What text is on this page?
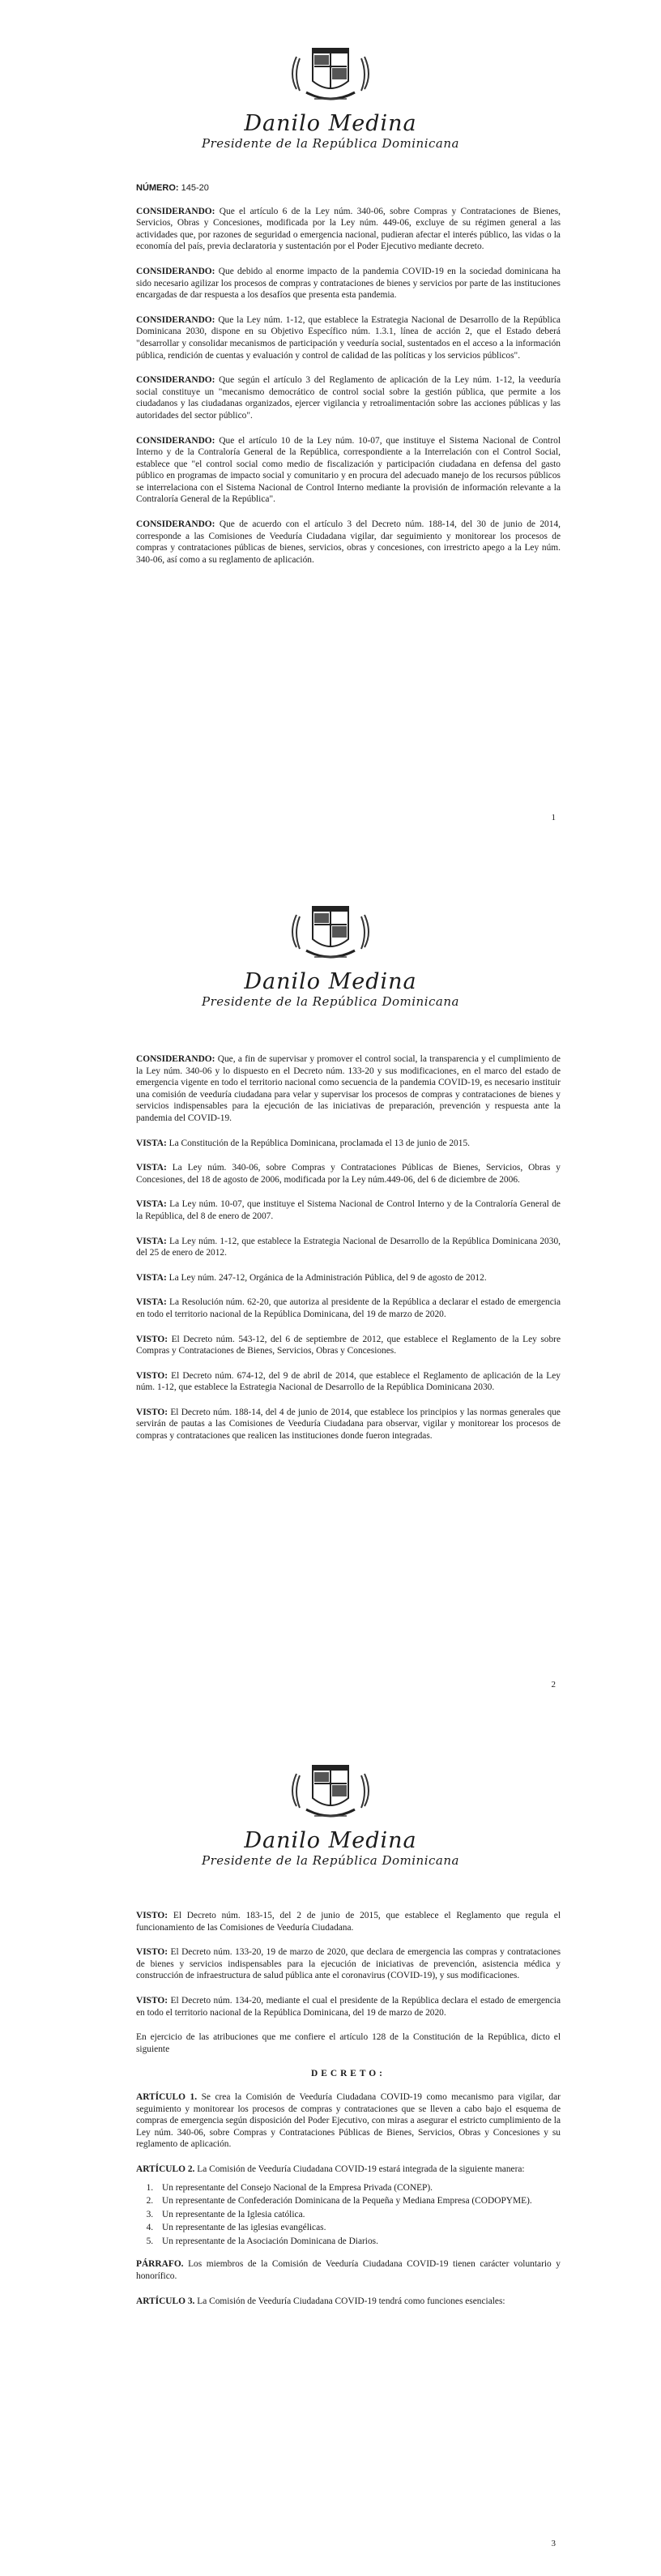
Danilo Medina
Presidente de la República Dominicana
NÚMERO: 145-20

CONSIDERANDO: Que el artículo 6 de la Ley núm. 340-06, sobre Compras y Contrataciones de Bienes, Servicios, Obras y Concesiones, modificada por la Ley núm. 449-06, excluye de su régimen general a las actividades que, por razones de seguridad o emergencia nacional, pudieran afectar el interés público, las vidas o la economía del país, previa declaratoria y sustentación por el Poder Ejecutivo mediante decreto.

CONSIDERANDO: Que debido al enorme impacto de la pandemia COVID-19 en la sociedad dominicana ha sido necesario agilizar los procesos de compras y contrataciones de bienes y servicios por parte de las instituciones encargadas de dar respuesta a los desafíos que presenta esta pandemia.

CONSIDERANDO: Que la Ley núm. 1-12, que establece la Estrategia Nacional de Desarrollo de la República Dominicana 2030, dispone en su Objetivo Específico núm. 1.3.1, línea de acción 2, que el Estado deberá "desarrollar y consolidar mecanismos de participación y veeduría social, sustentados en el acceso a la información pública, rendición de cuentas y evaluación y control de calidad de las políticas y los servicios públicos".

CONSIDERANDO: Que según el artículo 3 del Reglamento de aplicación de la Ley núm. 1-12, la veeduría social constituye un "mecanismo democrático de control social sobre la gestión pública, que permite a los ciudadanos y las ciudadanas organizados, ejercer vigilancia y retroalimentación sobre las acciones públicas y las autoridades del sector público".

CONSIDERANDO: Que el artículo 10 de la Ley núm. 10-07, que instituye el Sistema Nacional de Control Interno y de la Contraloría General de la República, correspondiente a la Interrelación con el Control Social, establece que "el control social como medio de fiscalización y participación ciudadana en defensa del gasto público en programas de impacto social y comunitario y en procura del adecuado manejo de los recursos públicos se interrelaciona con el Sistema Nacional de Control Interno mediante la provisión de información relevante a la Contraloría General de la República".

CONSIDERANDO: Que de acuerdo con el artículo 3 del Decreto núm. 188-14, del 30 de junio de 2014, corresponde a las Comisiones de Veeduría Ciudadana vigilar, dar seguimiento y monitorear los procesos de compras y contrataciones públicas de bienes, servicios, obras y concesiones, con irrestricto apego a la Ley núm. 340-06, así como a su reglamento de aplicación.

1
Danilo Medina
Presidente de la República Dominicana

CONSIDERANDO: Que, a fin de supervisar y promover el control social, la transparencia y el cumplimiento de la Ley núm. 340-06 y lo dispuesto en el Decreto núm. 133-20 y sus modificaciones, en el marco del estado de emergencia vigente en todo el territorio nacional como secuencia de la pandemia COVID-19, es necesario instituir una comisión de veeduría ciudadana para velar y supervisar los procesos de compras y contrataciones de bienes y servicios indispensables para la ejecución de las iniciativas de preparación, prevención y respuesta ante la pandemia del COVID-19.

VISTA: La Constitución de la República Dominicana, proclamada el 13 de junio de 2015.

VISTA: La Ley núm. 340-06, sobre Compras y Contrataciones Públicas de Bienes, Servicios, Obras y Concesiones, del 18 de agosto de 2006, modificada por la Ley núm.449-06, del 6 de diciembre de 2006.

VISTA: La Ley núm. 10-07, que instituye el Sistema Nacional de Control Interno y de la Contraloría General de la República, del 8 de enero de 2007.

VISTA: La Ley núm. 1-12, que establece la Estrategia Nacional de Desarrollo de la República Dominicana 2030, del 25 de enero de 2012.

VISTA: La Ley núm. 247-12, Orgánica de la Administración Pública, del 9 de agosto de 2012.

VISTA: La Resolución núm. 62-20, que autoriza al presidente de la República a declarar el estado de emergencia en todo el territorio nacional de la República Dominicana, del 19 de marzo de 2020.

VISTO: El Decreto núm. 543-12, del 6 de septiembre de 2012, que establece el Reglamento de la Ley sobre Compras y Contrataciones de Bienes, Servicios, Obras y Concesiones.

VISTO: El Decreto núm. 674-12, del 9 de abril de 2014, que establece el Reglamento de aplicación de la Ley núm. 1-12, que establece la Estrategia Nacional de Desarrollo de la República Dominicana 2030.

VISTO: El Decreto núm. 188-14, del 4 de junio de 2014, que establece los principios y las normas generales que servirán de pautas a las Comisiones de Veeduría Ciudadana para observar, vigilar y monitorear los procesos de compras y contrataciones que realicen las instituciones donde fueron integradas.

2
Danilo Medina
Presidente de la República Dominicana

VISTO: El Decreto núm. 183-15, del 2 de junio de 2015, que establece el Reglamento que regula el funcionamiento de las Comisiones de Veeduría Ciudadana.

VISTO: El Decreto núm. 133-20, 19 de marzo de 2020, que declara de emergencia las compras y contrataciones de bienes y servicios indispensables para la ejecución de iniciativas de prevención, asistencia médica y construcción de infraestructura de salud pública ante el coronavirus (COVID-19), y sus modificaciones.

VISTO: El Decreto núm. 134-20, mediante el cual el presidente de la República declara el estado de emergencia en todo el territorio nacional de la República Dominicana, del 19 de marzo de 2020.

En ejercicio de las atribuciones que me confiere el artículo 128 de la Constitución de la República, dicto el siguiente

DECRETO:

ARTÍCULO 1. Se crea la Comisión de Veeduría Ciudadana COVID-19 como mecanismo para vigilar, dar seguimiento y monitorear los procesos de compras y contrataciones que se lleven a cabo bajo el esquema de compras de emergencia según disposición del Poder Ejecutivo, con miras a asegurar el estricto cumplimiento de la Ley núm. 340-06, sobre Compras y Contrataciones Públicas de Bienes, Servicios, Obras y Concesiones y su reglamento de aplicación.

ARTÍCULO 2. La Comisión de Veeduría Ciudadana COVID-19 estará integrada de la siguiente manera:

1. Un representante del Consejo Nacional de la Empresa Privada (CONEP).
2. Un representante de Confederación Dominicana de la Pequeña y Mediana Empresa (CODOPYME).
3. Un representante de la Iglesia católica.
4. Un representante de las iglesias evangélicas.
5. Un representante de la Asociación Dominicana de Diarios.

PÁRRAFO. Los miembros de la Comisión de Veeduría Ciudadana COVID-19 tienen carácter voluntario y honorífico.

ARTÍCULO 3. La Comisión de Veeduría Ciudadana COVID-19 tendrá como funciones esenciales:

3
